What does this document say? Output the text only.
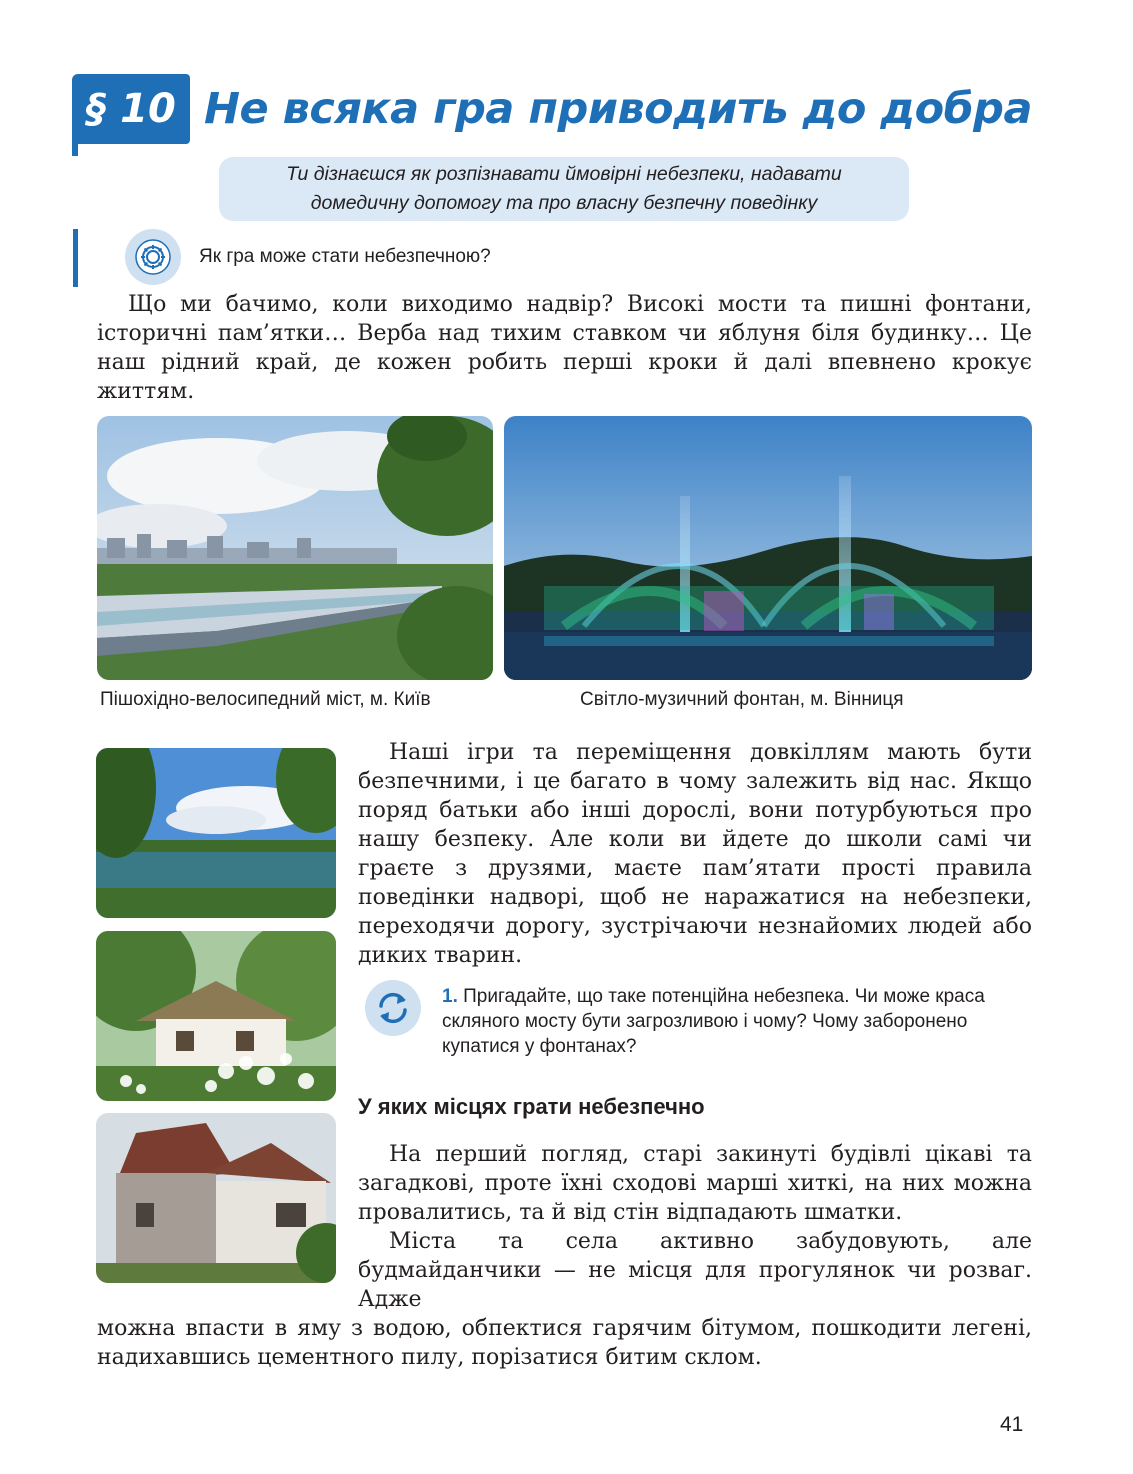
§ 10 Не всяка гра приводить до добра
Ти дізнаєшся як розпізнавати ймовірні небезпеки, надавати
домедичну допомогу та про власну безпечну поведінку
Як гра може стати небезпечною?

Що ми бачимо, коли виходимо надвір? Високі мости та пишні фонтани, історичні пам’ятки… Верба над тихим ставком чи яблуня біля будинку… Це наш рідний край, де кожен робить перші кроки й далі впевнено крокує життям.

Пішохідно-велосипедний міст, м. Київ	Світло-музичний фонтан, м. Вінниця

Наші ігри та переміщення довкіллям мають бути безпечними, і це багато в чому залежить від нас. Якщо поряд батьки або інші дорослі, вони потурбуються про нашу безпеку. Але коли ви йдете до школи самі чи граєте з друзями, маєте пам’ятати прості правила поведінки надворі, щоб не наражатися на небезпеки, переходячи дорогу, зустрічаючи незнайомих людей або диких тварин.

1. Пригадайте, що таке потенційна небезпека. Чи може краса скляного мосту бути загрозливою і чому? Чому заборонено купатися у фонтанах?
У яких місцях грати небезпечно

На перший погляд, старі закинуті будівлі цікаві та загадкові, проте їхні сходові марші хиткі, на них можна провалитись, та й від стін відпадають шматки.

Міста та села активно забудовують, але будмайданчики — не місця для прогулянок чи розваг. Адже

можна впасти в яму з водою, обпектися гарячим бітумом, пошкодити легені, надихавшись цементного пилу, порізатися битим склом.

41
